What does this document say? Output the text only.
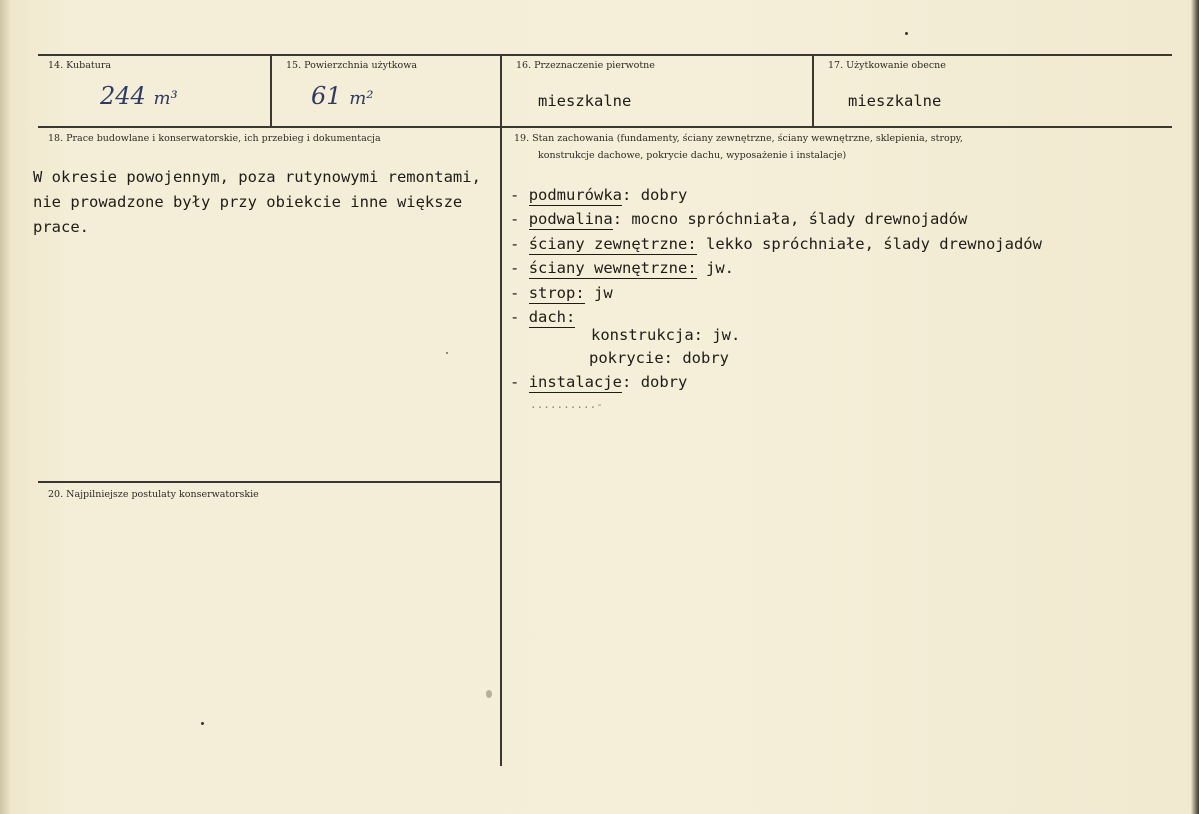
14. Kubatura
244 m³
15. Powierzchnia użytkowa
61 m²
16. Przeznaczenie pierwotne
mieszkalne
17. Użytkowanie obecne
mieszkalne
18. Prace budowlane i konserwatorskie, ich przebieg i dokumentacja
W okresie powojennym, poza rutynowymi remontami,
nie prowadzone były przy obiekcie inne większe
prace.
19. Stan zachowania (fundamenty, ściany zewnętrzne, ściany wewnętrzne, sklepienia, stropy,
konstrukcje dachowe, pokrycie dachu, wyposażenie i instalacje)
- podmurówka: dobry
- podwalina: mocno spróchniała, ślady drewnojadów
- ściany zewnętrzne: lekko spróchniałe, ślady drewnojadów
- ściany wewnętrzne: jw.
- strop: jw
- dach:
konstrukcja: jw.
pokrycie: dobry
- instalacje: dobry
..........-
20. Najpilniejsze postulaty konserwatorskie
